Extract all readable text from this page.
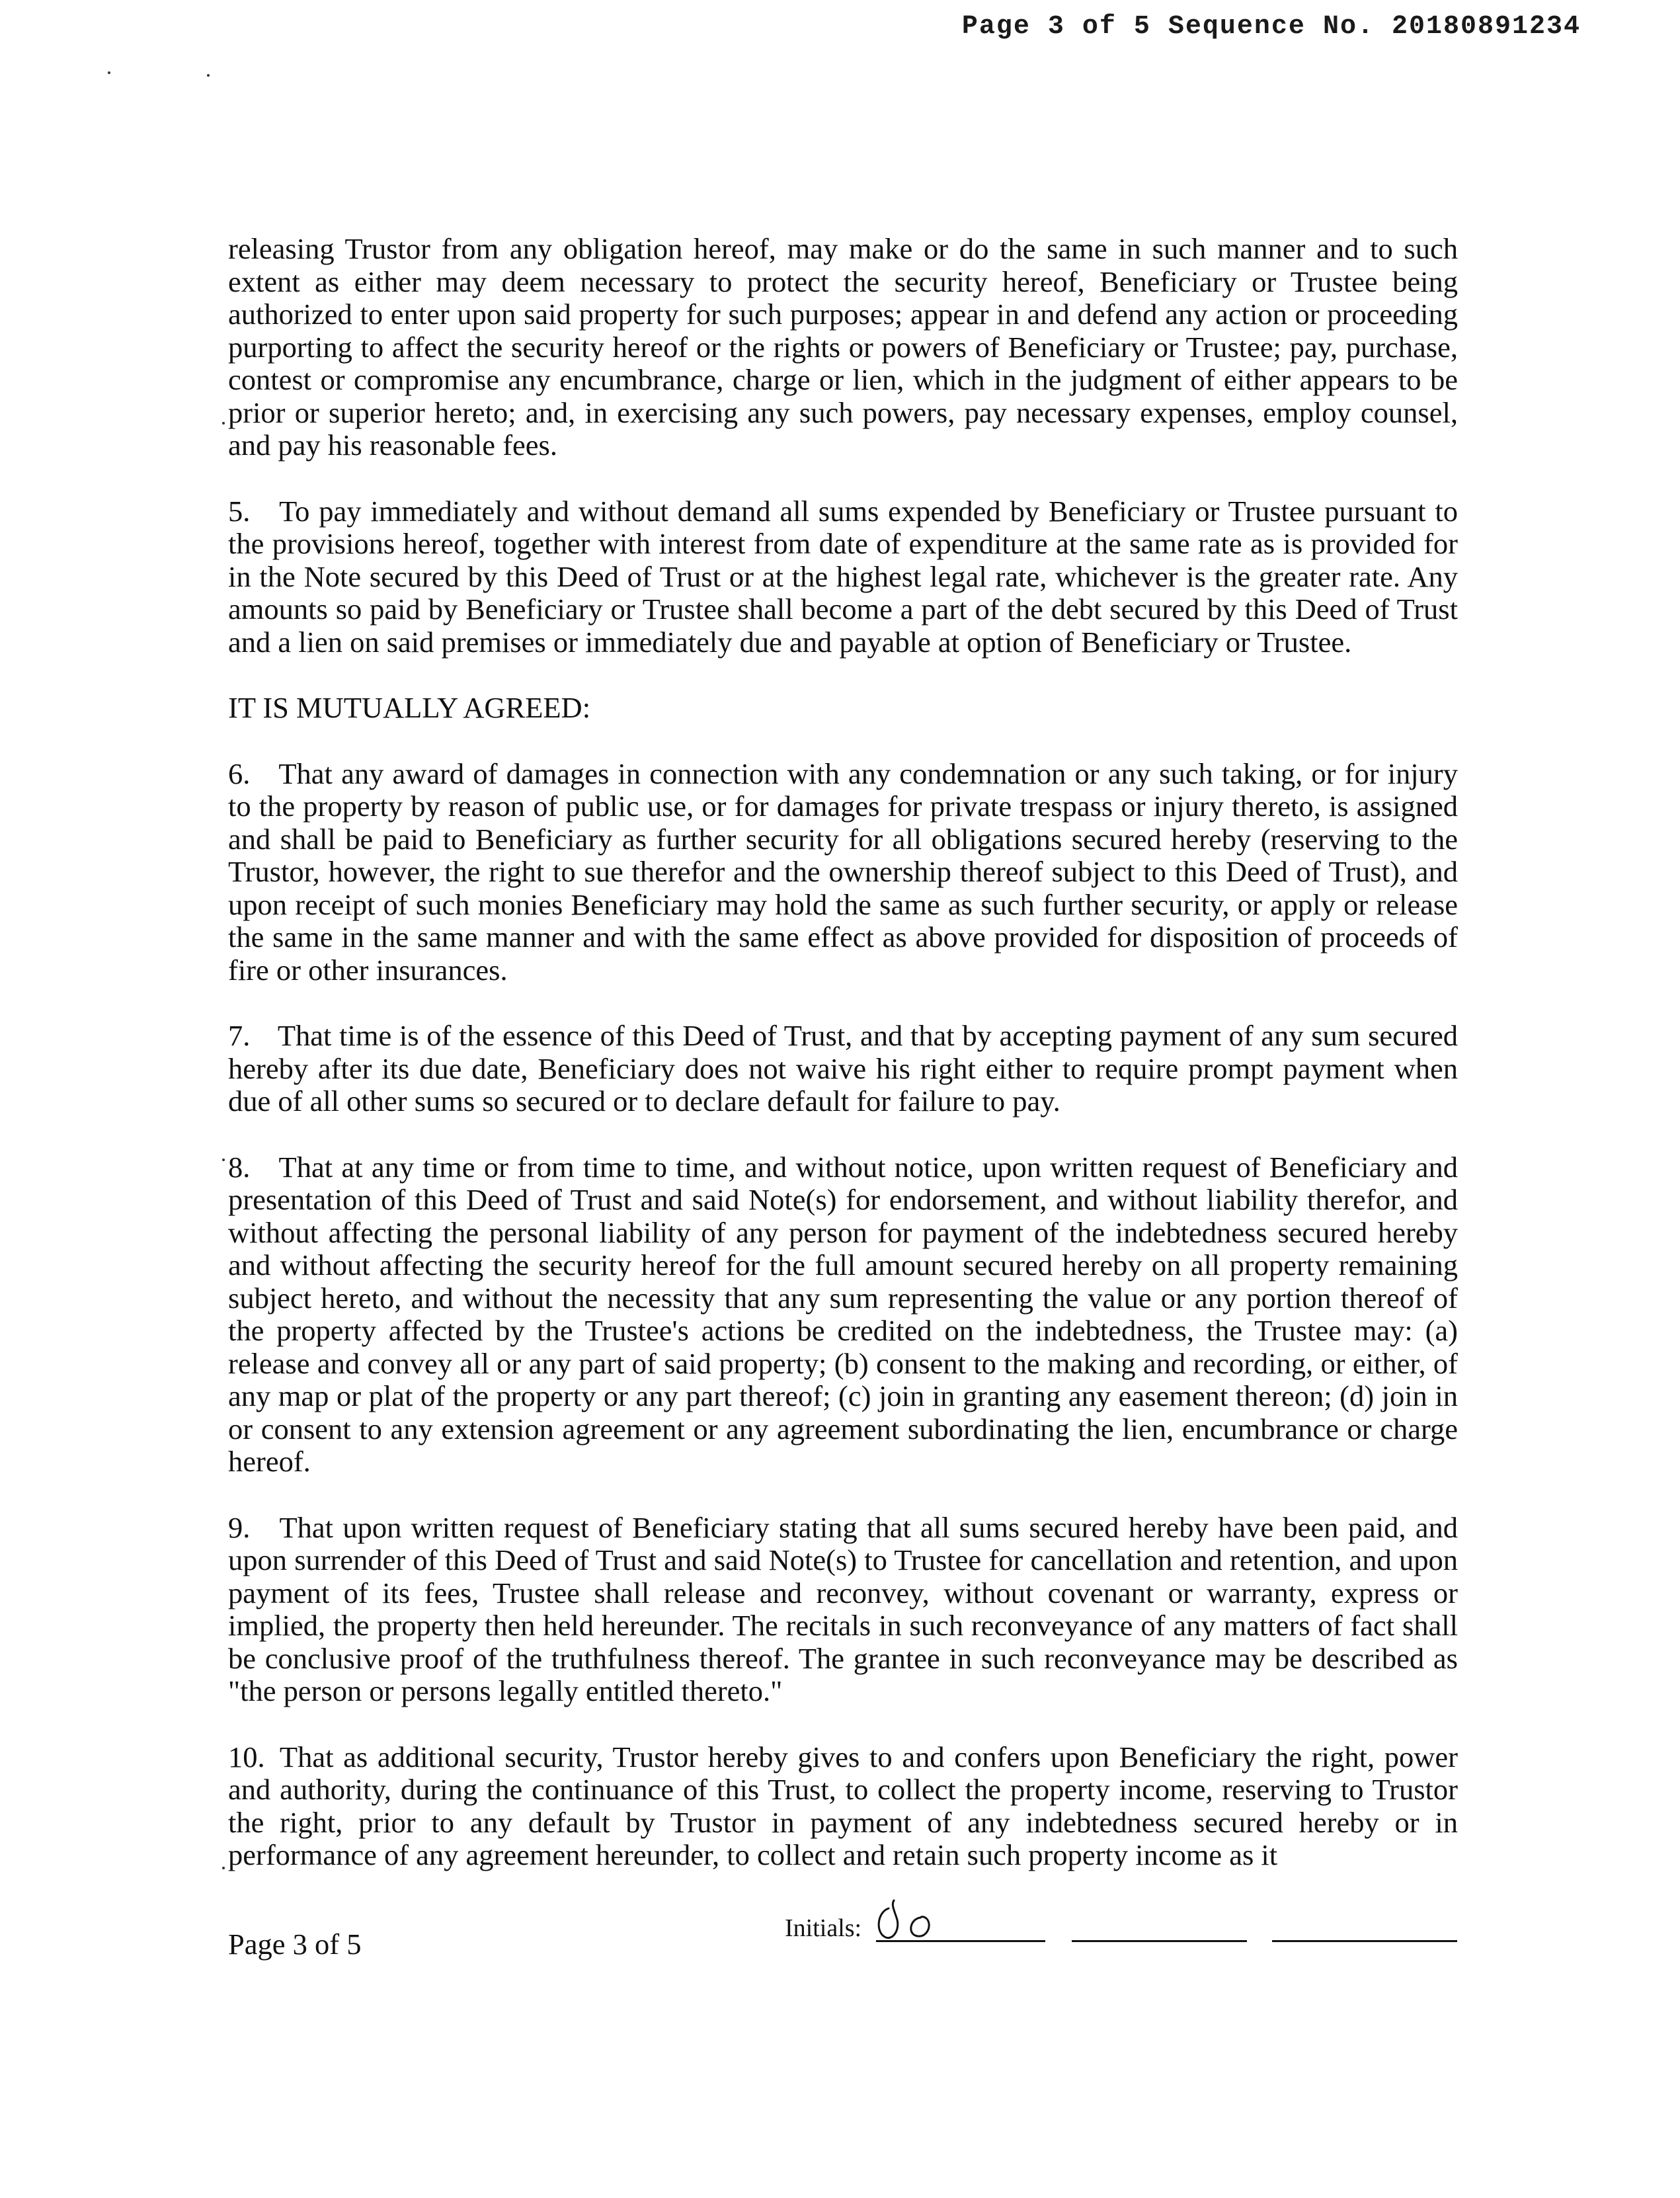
Page 3 of 5 Sequence No. 20180891234

releasing Trustor from any obligation hereof, may make or do the same in such manner and to such extent as either may deem necessary to protect the security hereof, Beneficiary or Trustee being authorized to enter upon said property for such purposes; appear in and defend any action or proceeding purporting to affect the security hereof or the rights or powers of Beneficiary or Trustee; pay, purchase, contest or compromise any encumbrance, charge or lien, which in the judgment of either appears to be prior or superior hereto; and, in exercising any such powers, pay necessary expenses, employ counsel, and pay his reasonable fees.

5. To pay immediately and without demand all sums expended by Beneficiary or Trustee pursuant to the provisions hereof, together with interest from date of expenditure at the same rate as is provided for in the Note secured by this Deed of Trust or at the highest legal rate, whichever is the greater rate. Any amounts so paid by Beneficiary or Trustee shall become a part of the debt secured by this Deed of Trust and a lien on said premises or immediately due and payable at option of Beneficiary or Trustee.

IT IS MUTUALLY AGREED:

6. That any award of damages in connection with any condemnation or any such taking, or for injury to the property by reason of public use, or for damages for private trespass or injury thereto, is assigned and shall be paid to Beneficiary as further security for all obligations secured hereby (reserving to the Trustor, however, the right to sue therefor and the ownership thereof subject to this Deed of Trust), and upon receipt of such monies Beneficiary may hold the same as such further security, or apply or release the same in the same manner and with the same effect as above provided for disposition of proceeds of fire or other insurances.

7. That time is of the essence of this Deed of Trust, and that by accepting payment of any sum secured hereby after its due date, Beneficiary does not waive his right either to require prompt payment when due of all other sums so secured or to declare default for failure to pay.

8. That at any time or from time to time, and without notice, upon written request of Beneficiary and presentation of this Deed of Trust and said Note(s) for endorsement, and without liability therefor, and without affecting the personal liability of any person for payment of the indebtedness secured hereby and without affecting the security hereof for the full amount secured hereby on all property remaining subject hereto, and without the necessity that any sum representing the value or any portion thereof of the property affected by the Trustee's actions be credited on the indebtedness, the Trustee may: (a) release and convey all or any part of said property; (b) consent to the making and recording, or either, of any map or plat of the property or any part thereof; (c) join in granting any easement thereon; (d) join in or consent to any extension agreement or any agreement subordinating the lien, encumbrance or charge hereof.

9. That upon written request of Beneficiary stating that all sums secured hereby have been paid, and upon surrender of this Deed of Trust and said Note(s) to Trustee for cancellation and retention, and upon payment of its fees, Trustee shall release and reconvey, without covenant or warranty, express or implied, the property then held hereunder. The recitals in such reconveyance of any matters of fact shall be conclusive proof of the truthfulness thereof. The grantee in such reconveyance may be described as "the person or persons legally entitled thereto."

10. That as additional security, Trustor hereby gives to and confers upon Beneficiary the right, power and authority, during the continuance of this Trust, to collect the property income, reserving to Trustor the right, prior to any default by Trustor in payment of any indebtedness secured hereby or in performance of any agreement hereunder, to collect and retain such property income as it

Page 3 of 5	Initials:
